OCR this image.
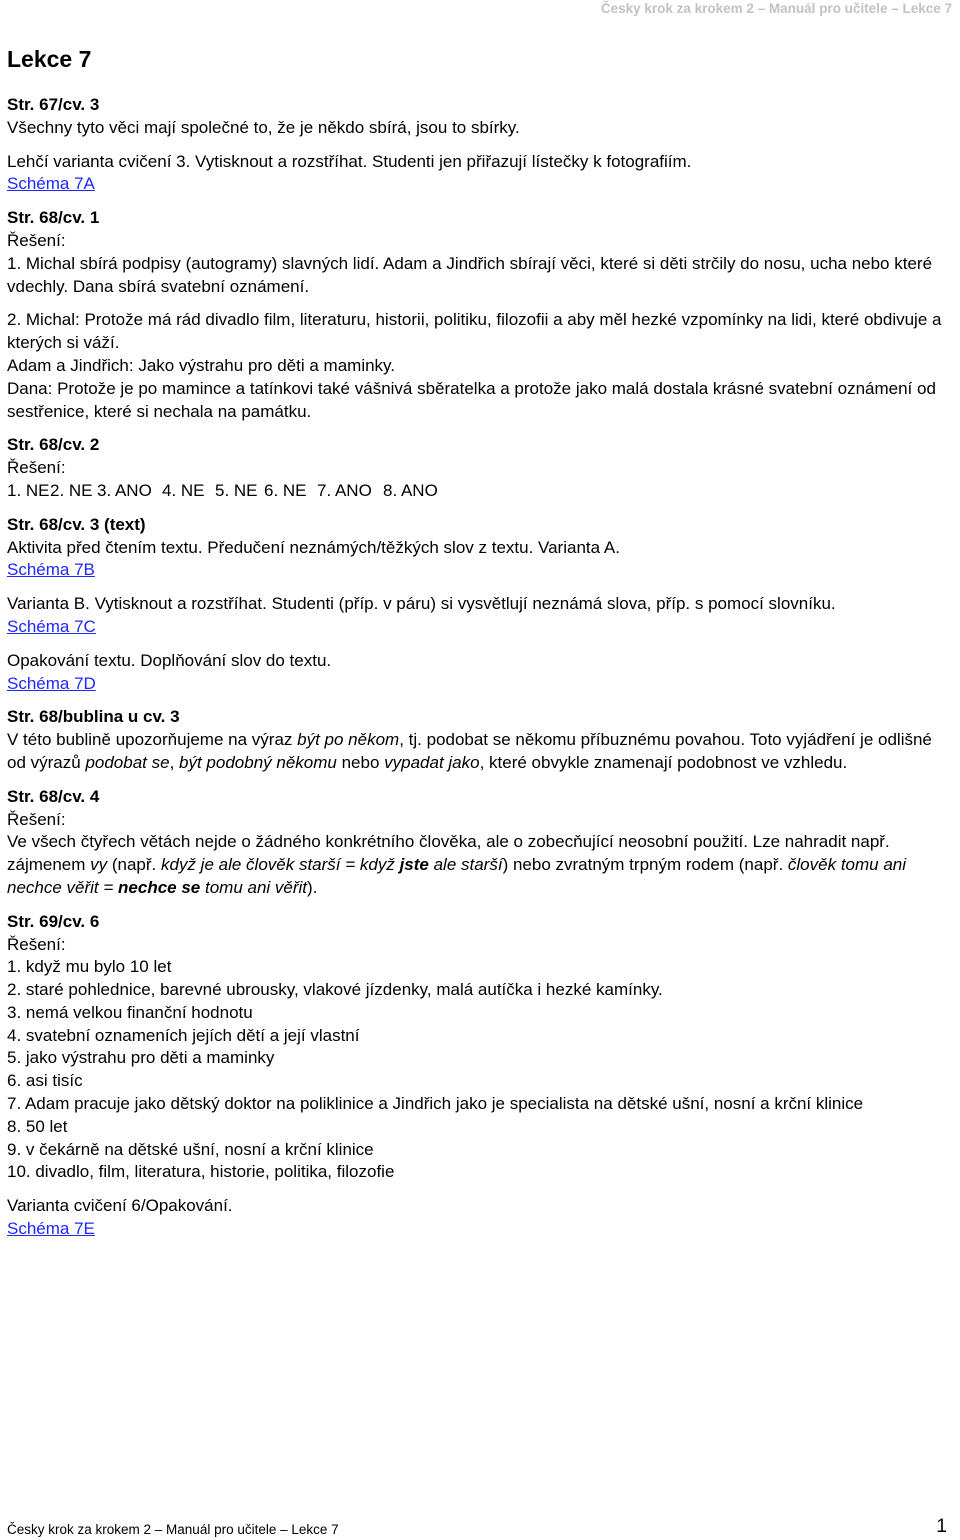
Česky krok za krokem 2 – Manuál pro učitele – Lekce 7
Lekce 7

Str. 67/cv. 3

Všechny tyto věci mají společné to, že je někdo sbírá, jsou to sbírky.

Lehčí varianta cvičení 3. Vytisknout a rozstříhat. Studenti jen přiřazují lístečky k fotografiím.

Schéma 7A

Str. 68/cv. 1

Řešení:

1. Michal sbírá podpisy (autogramy) slavných lidí. Adam a Jindřich sbírají věci, které si děti strčily do nosu, ucha nebo které vdechly. Dana sbírá svatební oznámení.

2. Michal: Protože má rád divadlo film, literaturu, historii, politiku, filozofii a aby měl hezké vzpomínky na lidi, které obdivuje a kterých si váží.

Adam a Jindřich: Jako výstrahu pro děti a maminky.

Dana: Protože je po mamince a tatínkovi také vášnivá sběratelka a protože jako malá dostala krásné svatební oznámení od sestřenice, které si nechala na památku.

Str. 68/cv. 2

Řešení:

1. NE2. NE 3. ANO 4. NE 5. NE 6. NE 7. ANO 8. ANO

Str. 68/cv. 3 (text)

Aktivita před čtením textu. Předučení neznámých/těžkých slov z textu. Varianta A.

Schéma 7B

Varianta B. Vytisknout a rozstříhat. Studenti (příp. v páru) si vysvětlují neznámá slova, příp. s pomocí slovníku.

Schéma 7C

Opakování textu. Doplňování slov do textu.

Schéma 7D

Str. 68/bublina u cv. 3

V této bublině upozorňujeme na výraz být po někom, tj. podobat se někomu příbuznému povahou. Toto vyjádření je odlišné od výrazů podobat se, být podobný někomu nebo vypadat jako, které obvykle znamenají podobnost ve vzhledu.

Str. 68/cv. 4

Řešení:

Ve všech čtyřech větách nejde o žádného konkrétního člověka, ale o zobecňující neosobní použití. Lze nahradit např. zájmenem vy (např. když je ale člověk starší = když jste ale starší) nebo zvratným trpným rodem (např. člověk tomu ani nechce věřit = nechce se tomu ani věřit).

Str. 69/cv. 6

Řešení:

1. když mu bylo 10 let

2. staré pohlednice, barevné ubrousky, vlakové jízdenky, malá autíčka i hezké kamínky.

3. nemá velkou finanční hodnotu

4. svatební oznameních jejích dětí a její vlastní

5. jako výstrahu pro děti a maminky

6. asi tisíc

7. Adam pracuje jako dětský doktor na poliklinice a Jindřich jako je specialista na dětské ušní, nosní a krční klinice

8. 50 let

9. v čekárně na dětské ušní, nosní a krční klinice

10. divadlo, film, literatura, historie, politika, filozofie

Varianta cvičení 6/Opakování.

Schéma 7E

Česky krok za krokem 2 – Manuál pro učitele – Lekce 7	1
